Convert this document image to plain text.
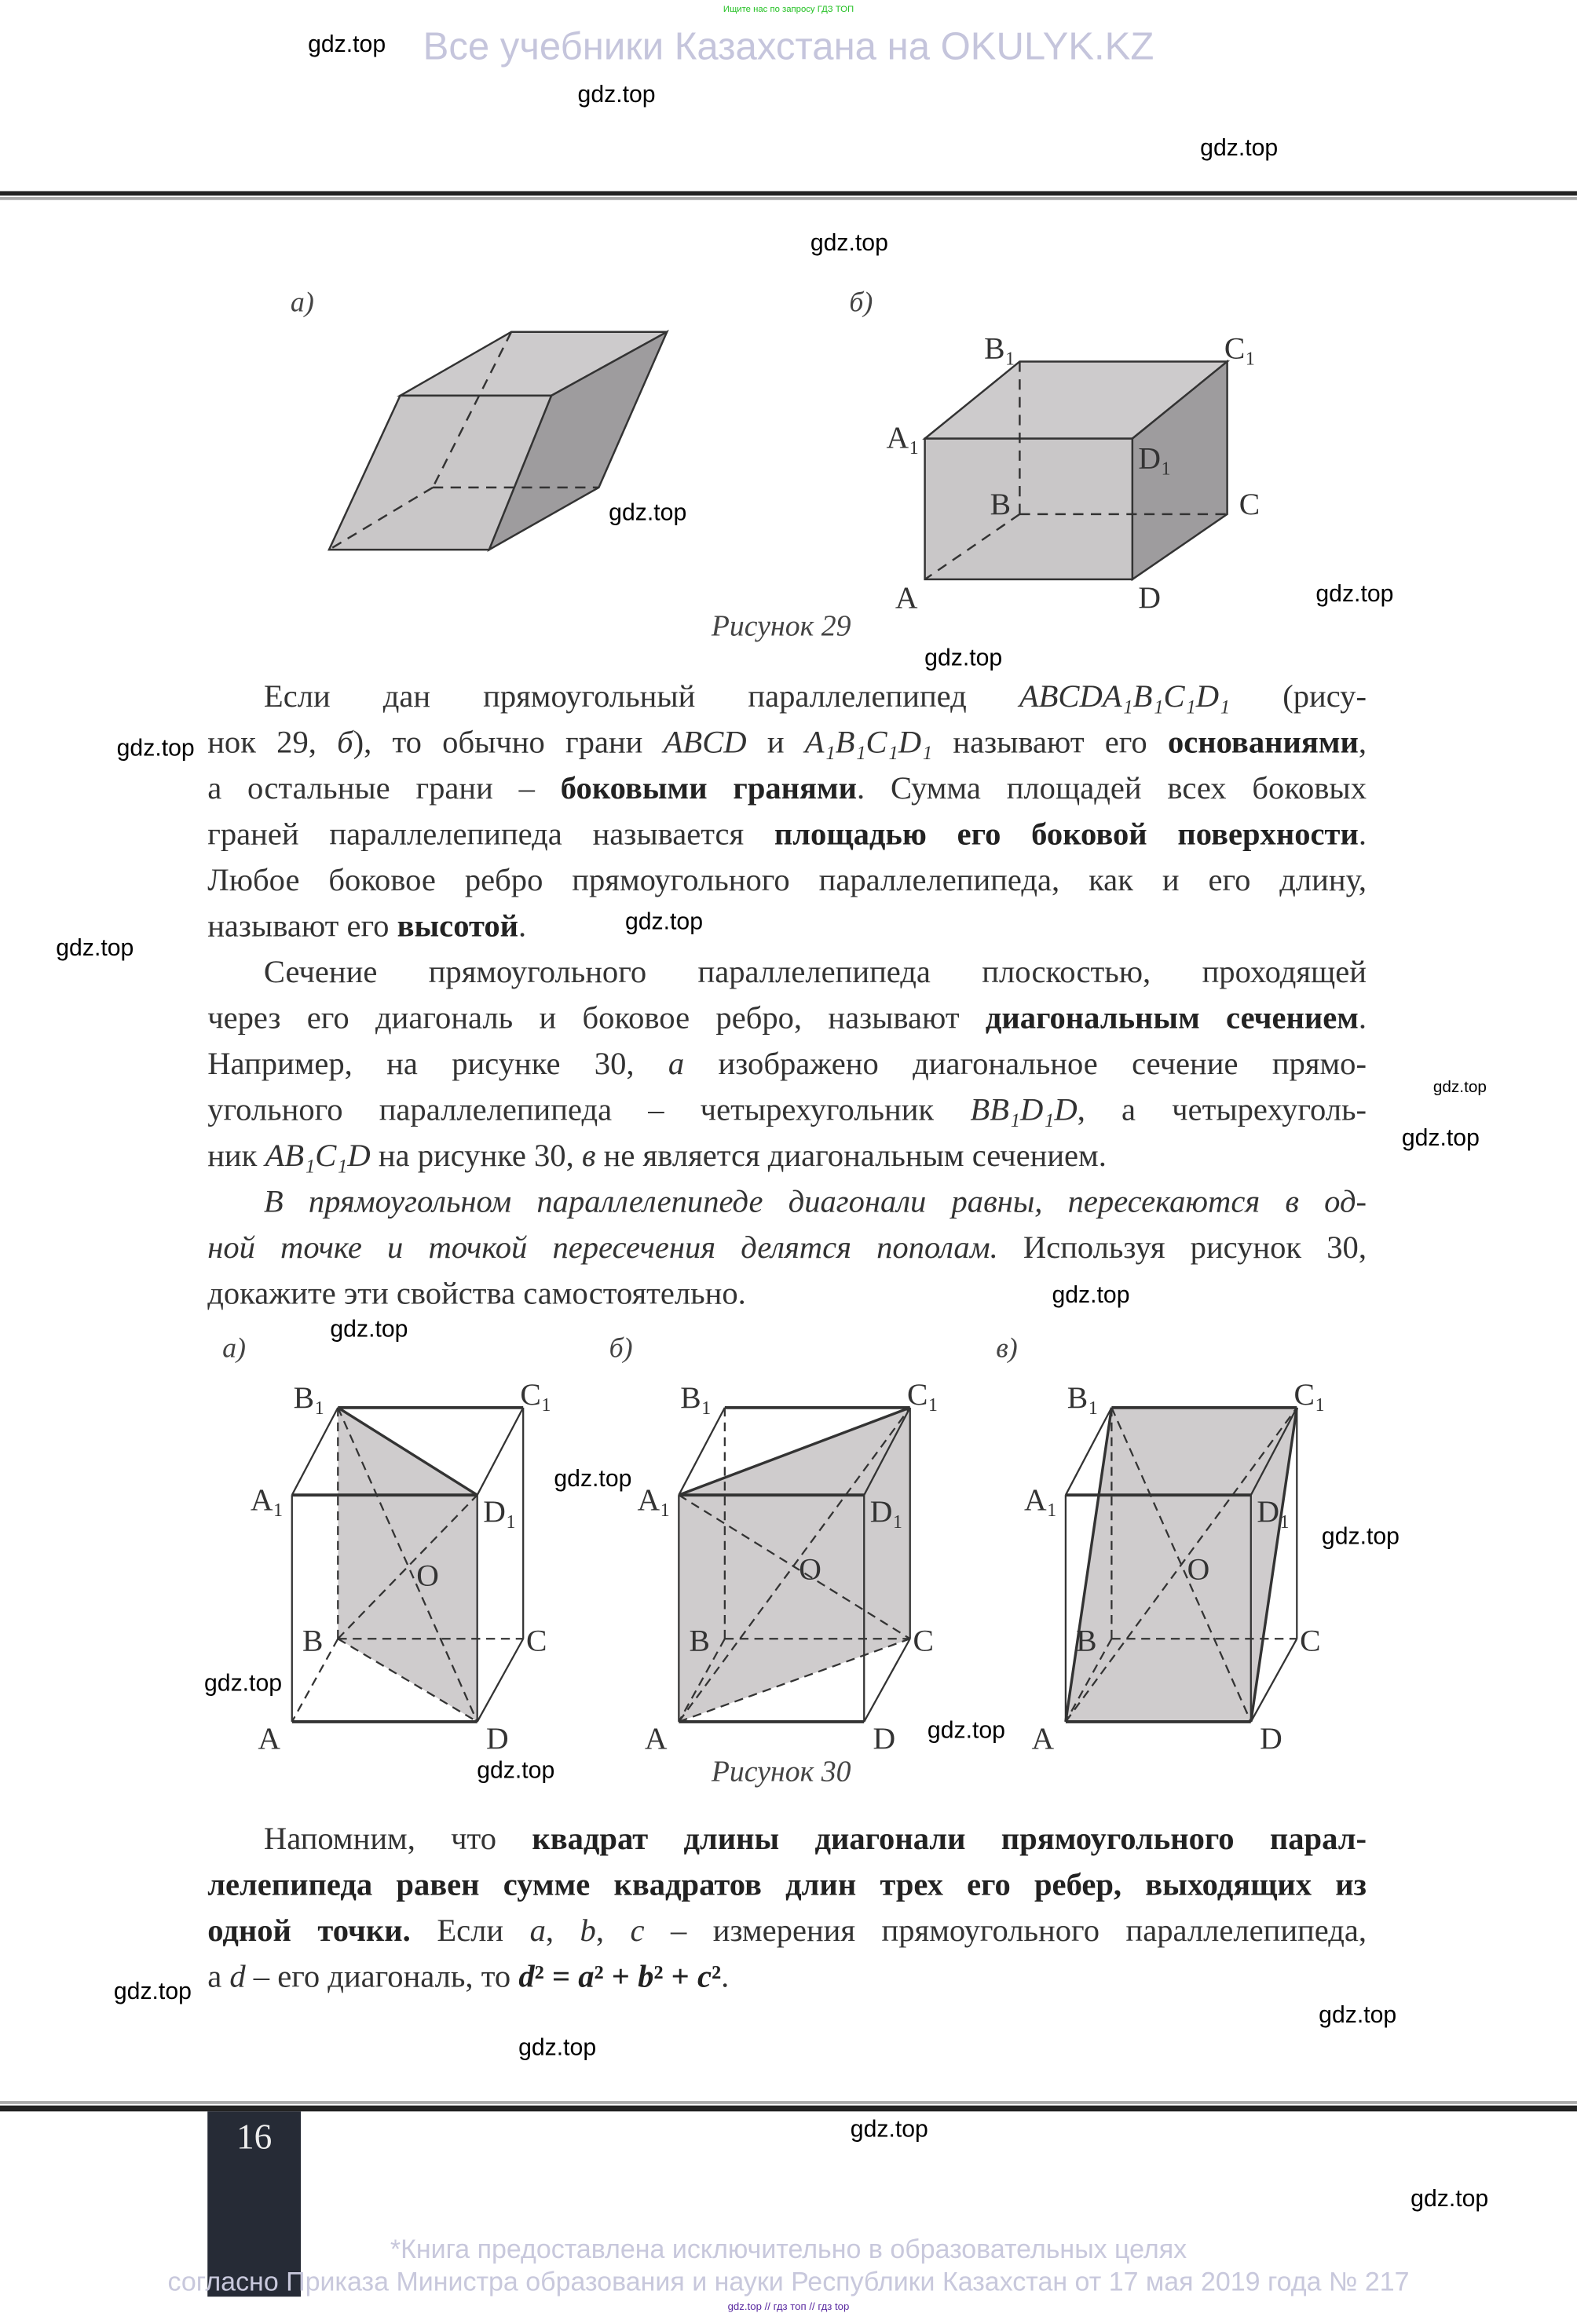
Ищите нас по запросу ГДЗ ТОП
Все учебники Казахстана на OKULYK.KZ
а)	б)
A	D
D₁
A₁
B₁	C₁
B	C
Рисунок 29
Если дан прямоугольный параллелепипед ABCDA₁B₁C₁D₁ (рису-
нок 29, б), то обычно грани ABCD и A₁B₁C₁D₁ называют его основаниями,
а остальные грани – боковыми гранями. Сумма площадей всех боковых
граней параллелепипеда называется площадью его боковой поверхности.
Любое боковое ребро прямоугольного параллелепипеда, как и его длину,
называют его высотой.
Сечение прямоугольного параллелепипеда плоскостью, проходящей
через его диагональ и боковое ребро, называют диагональным сечением.
Например, на рисунке 30, а изображено диагональное сечение прямо-
угольного параллелепипеда – четырехугольник BB₁D₁D, а четырехуголь-
ник AB₁C₁D на рисунке 30, в не является диагональным сечением.
В прямоугольном параллелепипеде диагонали равны, пересекаются в од-
ной точке и точкой пересечения делятся пополам. Используя рисунок 30,
докажите эти свойства самостоятельно.
а)
A	D
D₁
A₁
B₁	C₁
C
B
O
б)
A	D
D₁
A₁
B₁	C₁
C
B
O
в)
A	D
D₁
A₁
B₁	C₁
C
B
O
Рисунок 30
Напомним, что квадрат длины диагонали прямоугольного парал-
лелепипеда равен сумме квадратов длин трех его ребер, выходящих из
одной точки. Если a, b, c – измерения прямоугольного параллелепипеда,
а d – его диагональ, то d² = a² + b² + c².
16
*Книга предоставлена исключительно в образовательных целях
согласно Приказа Министра образования и науки Республики Казахстан от 17 мая 2019 года № 217
gdz.top // гдз топ // гдз top
gdz.top
gdz.top
gdz.top
gdz.top
gdz.top
gdz.top
gdz.top
gdz.top
gdz.top
gdz.top
gdz.top
gdz.top
gdz.top
gdz.top
gdz.top
gdz.top
gdz.top
gdz.top
gdz.top
gdz.top
gdz.top
gdz.top
gdz.top
gdz.top
